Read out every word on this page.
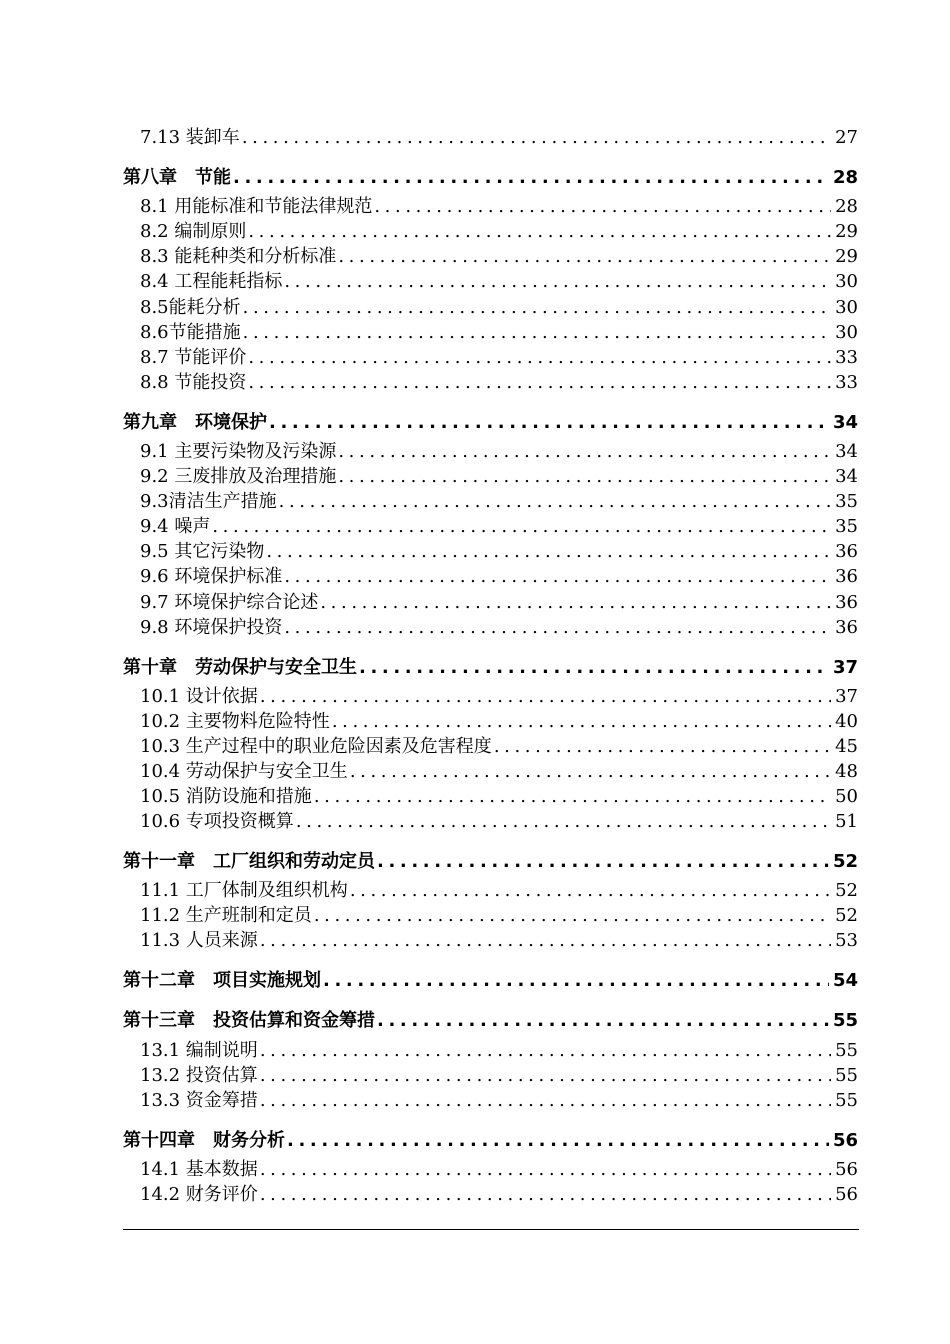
7.13 装卸车 .....	27
第八章　节能 .....	28
8.1 用能标准和节能法律规范 .....	28
8.2 编制原则 .....	29
8.3 能耗种类和分析标准 .....	29
8.4 工程能耗指标 .....	30
8.5能耗分析 .....	30
8.6节能措施 .....	30
8.7 节能评价 .....	33
8.8 节能投资 .....	33
第九章　环境保护 .....	34
9.1 主要污染物及污染源 .....	34
9.2 三废排放及治理措施 .....	34
9.3清洁生产措施 .....	35
9.4 噪声 .....	35
9.5 其它污染物 .....	36
9.6 环境保护标准 .....	36
9.7 环境保护综合论述 .....	36
9.8 环境保护投资 .....	36
第十章　劳动保护与安全卫生 .....	37
10.1 设计依据 .....	37
10.2 主要物料危险特性 .....	40
10.3 生产过程中的职业危险因素及危害程度 .....	45
10.4 劳动保护与安全卫生 .....	48
10.5 消防设施和措施 .....	50
10.6 专项投资概算 .....	51
第十一章　工厂组织和劳动定员 .....	52
11.1 工厂体制及组织机构 .....	52
11.2 生产班制和定员 .....	52
11.3 人员来源 .....	53
第十二章　项目实施规划 .....	54
第十三章　投资估算和资金筹措 .....	55
13.1 编制说明 .....	55
13.2 投资估算 .....	55
13.3 资金筹措 .....	55
第十四章　财务分析 .....	56
14.1 基本数据 .....	56
14.2 财务评价 .....	56
